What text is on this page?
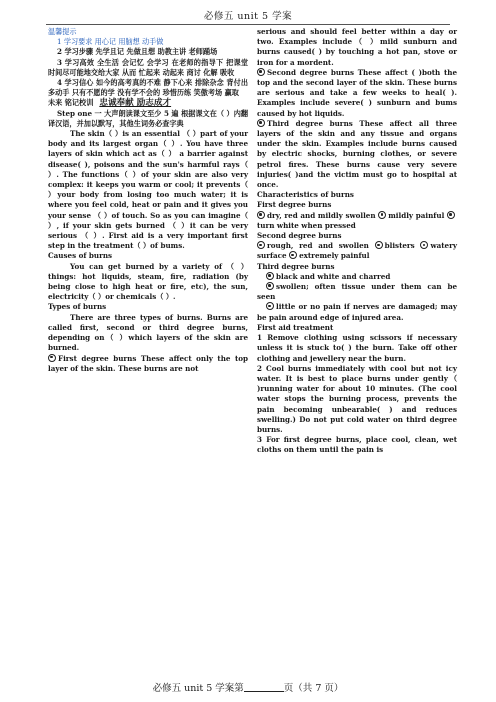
必修五 unit 5 学案

温馨提示

1 学习要求 用心记 用脑想 动手做

2 学习步骤 先学且记 先做且想 助教主讲 老师踊场

3 学习高效 全生活 会记忆 会学习 在老师的指导下 把课堂时间尽可能地交给大家 从而 忙起来 动起来 商讨 化解 吸收

4 学习信心 如今的高考真的不难 静下心来 排除杂念 背付出 多动手 只有不愿的学 没有学不会的 珍惜历练 笑傲考场 赢取

未来 铭记校训 忠诚奉献 励志成才

Step one 一 大声朗读课文至少 5 遍 根据课文在（ ）内翻译汉语，并加以默写，其他生词务必查字典

The skin（ ）is an essential （ ）part of your body and its largest organ（ ）. You have three layers of skin which act as（ ） a barrier against disease( ), poisons and the sun's harmful rays（ ）. The functions（ ）of your skin are also very complex: it keeps you warm or cool; it prevents（ ）your body from losing too much water; it is where you feel cold, heat or pain and it gives you your sense （ ）of touch. So as you can imagine（ ）, if your skin gets burned （ ）it can be very serious （ ）. First aid is a very important first step in the treatment（ ）of bums.

Causes of burns

You can get burned by a variety of （ ）things: hot liquids, steam, fire, radiation (by being close to high heat or fire, etc), the sun, electricity（ ）or chemicals（ ）.

Types of burns

There are three types of burns. Burns are called first, second or third degree burns, depending on（ ）which layers of the skin are burned.

First degree burns These affect only the top layer of the skin. These burns are not

serious and should feel better within a day or two. Examples include（ ）mild sunburn and burns caused( ) by touching a hot pan, stove or iron for a mordent.

Second degree burns These affect ( )both the top and the second layer of the skin. These burns are serious and take a few weeks to heal( ). Examples include severe( ) sunburn and bums caused by hot liquids.

Third degree burns These affect all three layers of the skin and any tissue and organs under the skin. Examples include burns caused by electric shocks, burning clothes, or severe petrol fires. These burns cause very severe injuries( )and the victim must go to hospital at once.

Characteristics of burns

First degree burns

dry, red and mildly swollen mildly painful turn white when pressed

Second degree burns

rough, red and swollen blisters watery surface extremely painful

Third degree burns

black and white and charred

swollen; often tissue under them can be seen

little or no pain if nerves are damaged; may be pain around edge of injured area.

First aid treatment

1 Remove clothing using scissors if necessary unless it is stuck to( ) the burn. Take off other clothing and jewellery near the burn.

2 Cool burns immediately with cool but not icy water. It is best to place burns under gently（ )running water for about 10 minutes. (The cool water stops the burning process, prevents the pain becoming unbearable( ) and reduces swelling.) Do not put cold water on third degree burns.

3 For first degree burns, place cool, clean, wet cloths on them until the pain is

必修五 unit 5 学案第	页（共 7 页）
